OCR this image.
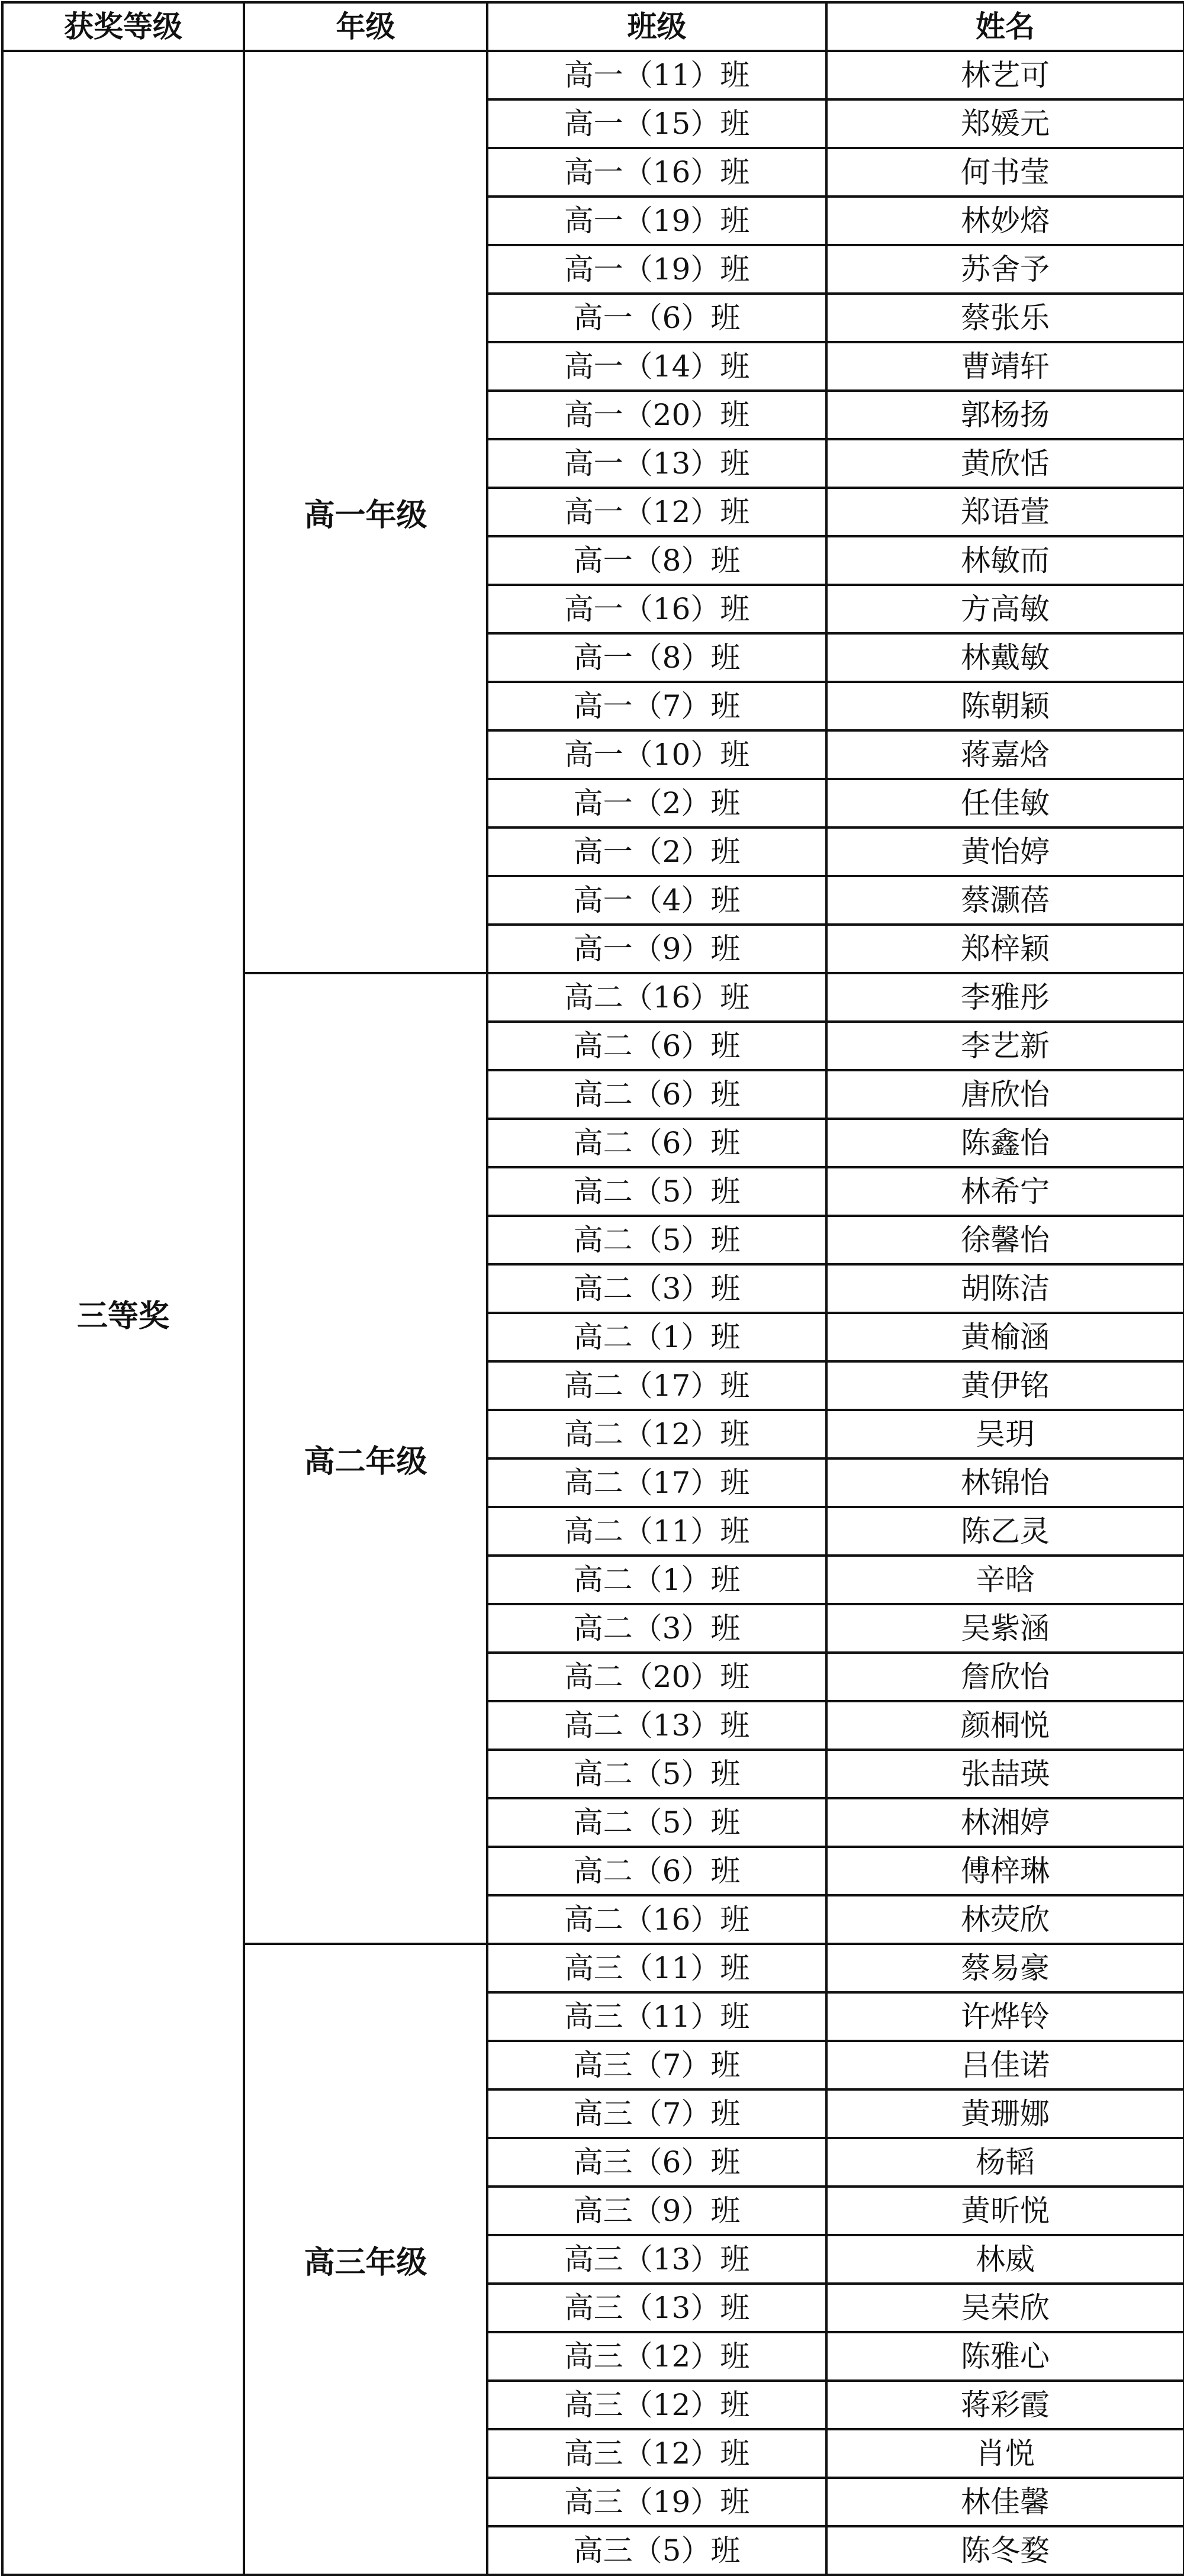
获奖等级	年级	班级	姓名
三等奖	高一年级	高一（11）班	林艺可
		高一（15）班	郑媛元
		高一（16）班	何书莹
		高一（19）班	林妙熔
		高一（19）班	苏舍予
		高一（6）班	蔡张乐
		高一（14）班	曹靖轩
		高一（20）班	郭杨扬
		高一（13）班	黄欣恬
		高一（12）班	郑语萱
		高一（8）班	林敏而
		高一（16）班	方高敏
		高一（8）班	林戴敏
		高一（7）班	陈朝颖
		高一（10）班	蒋嘉焓
		高一（2）班	任佳敏
		高一（2）班	黄怡婷
		高一（4）班	蔡灏蓓
		高一（9）班	郑梓颖
	高二年级	高二（16）班	李雅彤
		高二（6）班	李艺新
		高二（6）班	唐欣怡
		高二（6）班	陈鑫怡
		高二（5）班	林希宁
		高二（5）班	徐馨怡
		高二（3）班	胡陈洁
		高二（1）班	黄榆涵
		高二（17）班	黄伊铭
		高二（12）班	吴玥
		高二（17）班	林锦怡
		高二（11）班	陈乙灵
		高二（1）班	辛晗
		高二（3）班	吴紫涵
		高二（20）班	詹欣怡
		高二（13）班	颜桐悦
		高二（5）班	张喆瑛
		高二（5）班	林湘婷
		高二（6）班	傅梓琳
		高二（16）班	林荧欣
	高三年级	高三（11）班	蔡易豪
		高三（11）班	许烨铃
		高三（7）班	吕佳诺
		高三（7）班	黄珊娜
		高三（6）班	杨韬
		高三（9）班	黄昕悦
		高三（13）班	林威
		高三（13）班	吴荣欣
		高三（12）班	陈雅心
		高三（12）班	蒋彩霞
		高三（12）班	肖悦
		高三（19）班	林佳馨
		高三（5）班	陈冬婺
